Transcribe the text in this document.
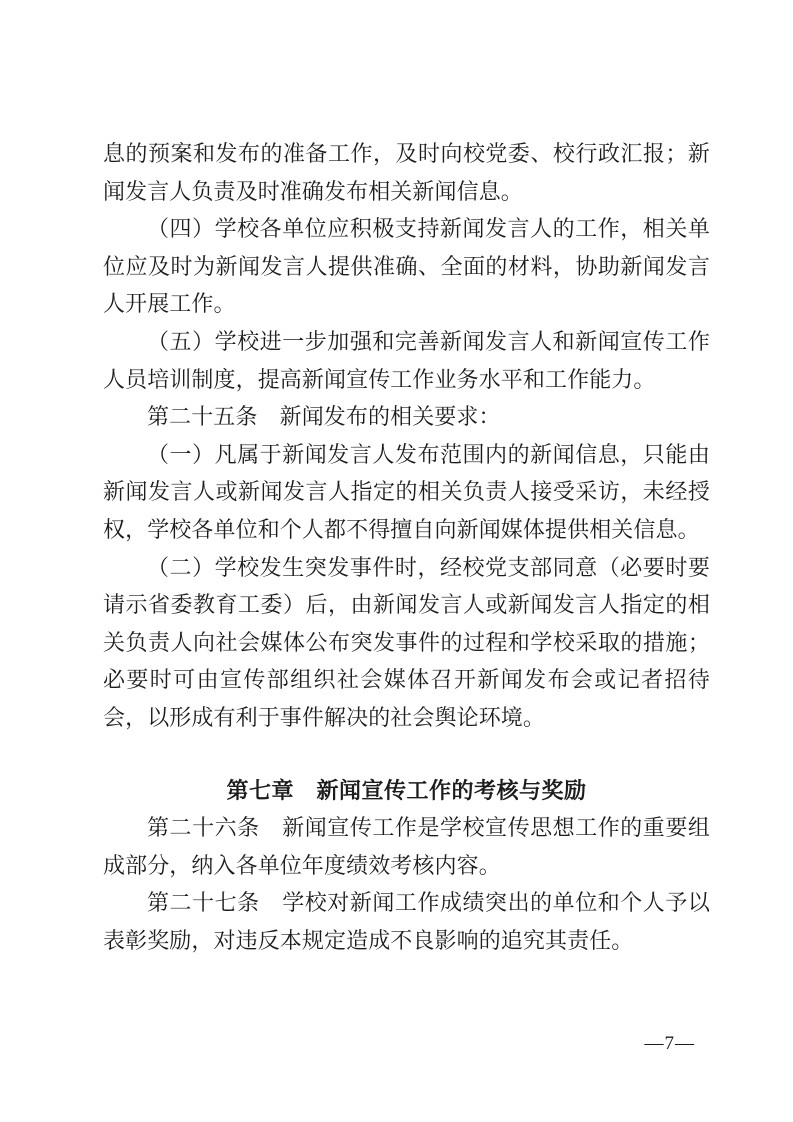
息的预案和发布的准备工作，及时向校党委、校行政汇报；新闻发言人负责及时准确发布相关新闻信息。

（四）学校各单位应积极支持新闻发言人的工作，相关单位应及时为新闻发言人提供准确、全面的材料，协助新闻发言人开展工作。

（五）学校进一步加强和完善新闻发言人和新闻宣传工作人员培训制度，提高新闻宣传工作业务水平和工作能力。

第二十五条　新闻发布的相关要求：

（一）凡属于新闻发言人发布范围内的新闻信息，只能由新闻发言人或新闻发言人指定的相关负责人接受采访，未经授权，学校各单位和个人都不得擅自向新闻媒体提供相关信息。

（二）学校发生突发事件时，经校党支部同意（必要时要请示省委教育工委）后，由新闻发言人或新闻发言人指定的相关负责人向社会媒体公布突发事件的过程和学校采取的措施；必要时可由宣传部组织社会媒体召开新闻发布会或记者招待会，以形成有利于事件解决的社会舆论环境。

第七章　新闻宣传工作的考核与奖励

第二十六条　新闻宣传工作是学校宣传思想工作的重要组成部分，纳入各单位年度绩效考核内容。

第二十七条　学校对新闻工作成绩突出的单位和个人予以表彰奖励，对违反本规定造成不良影响的追究其责任。

—7—
